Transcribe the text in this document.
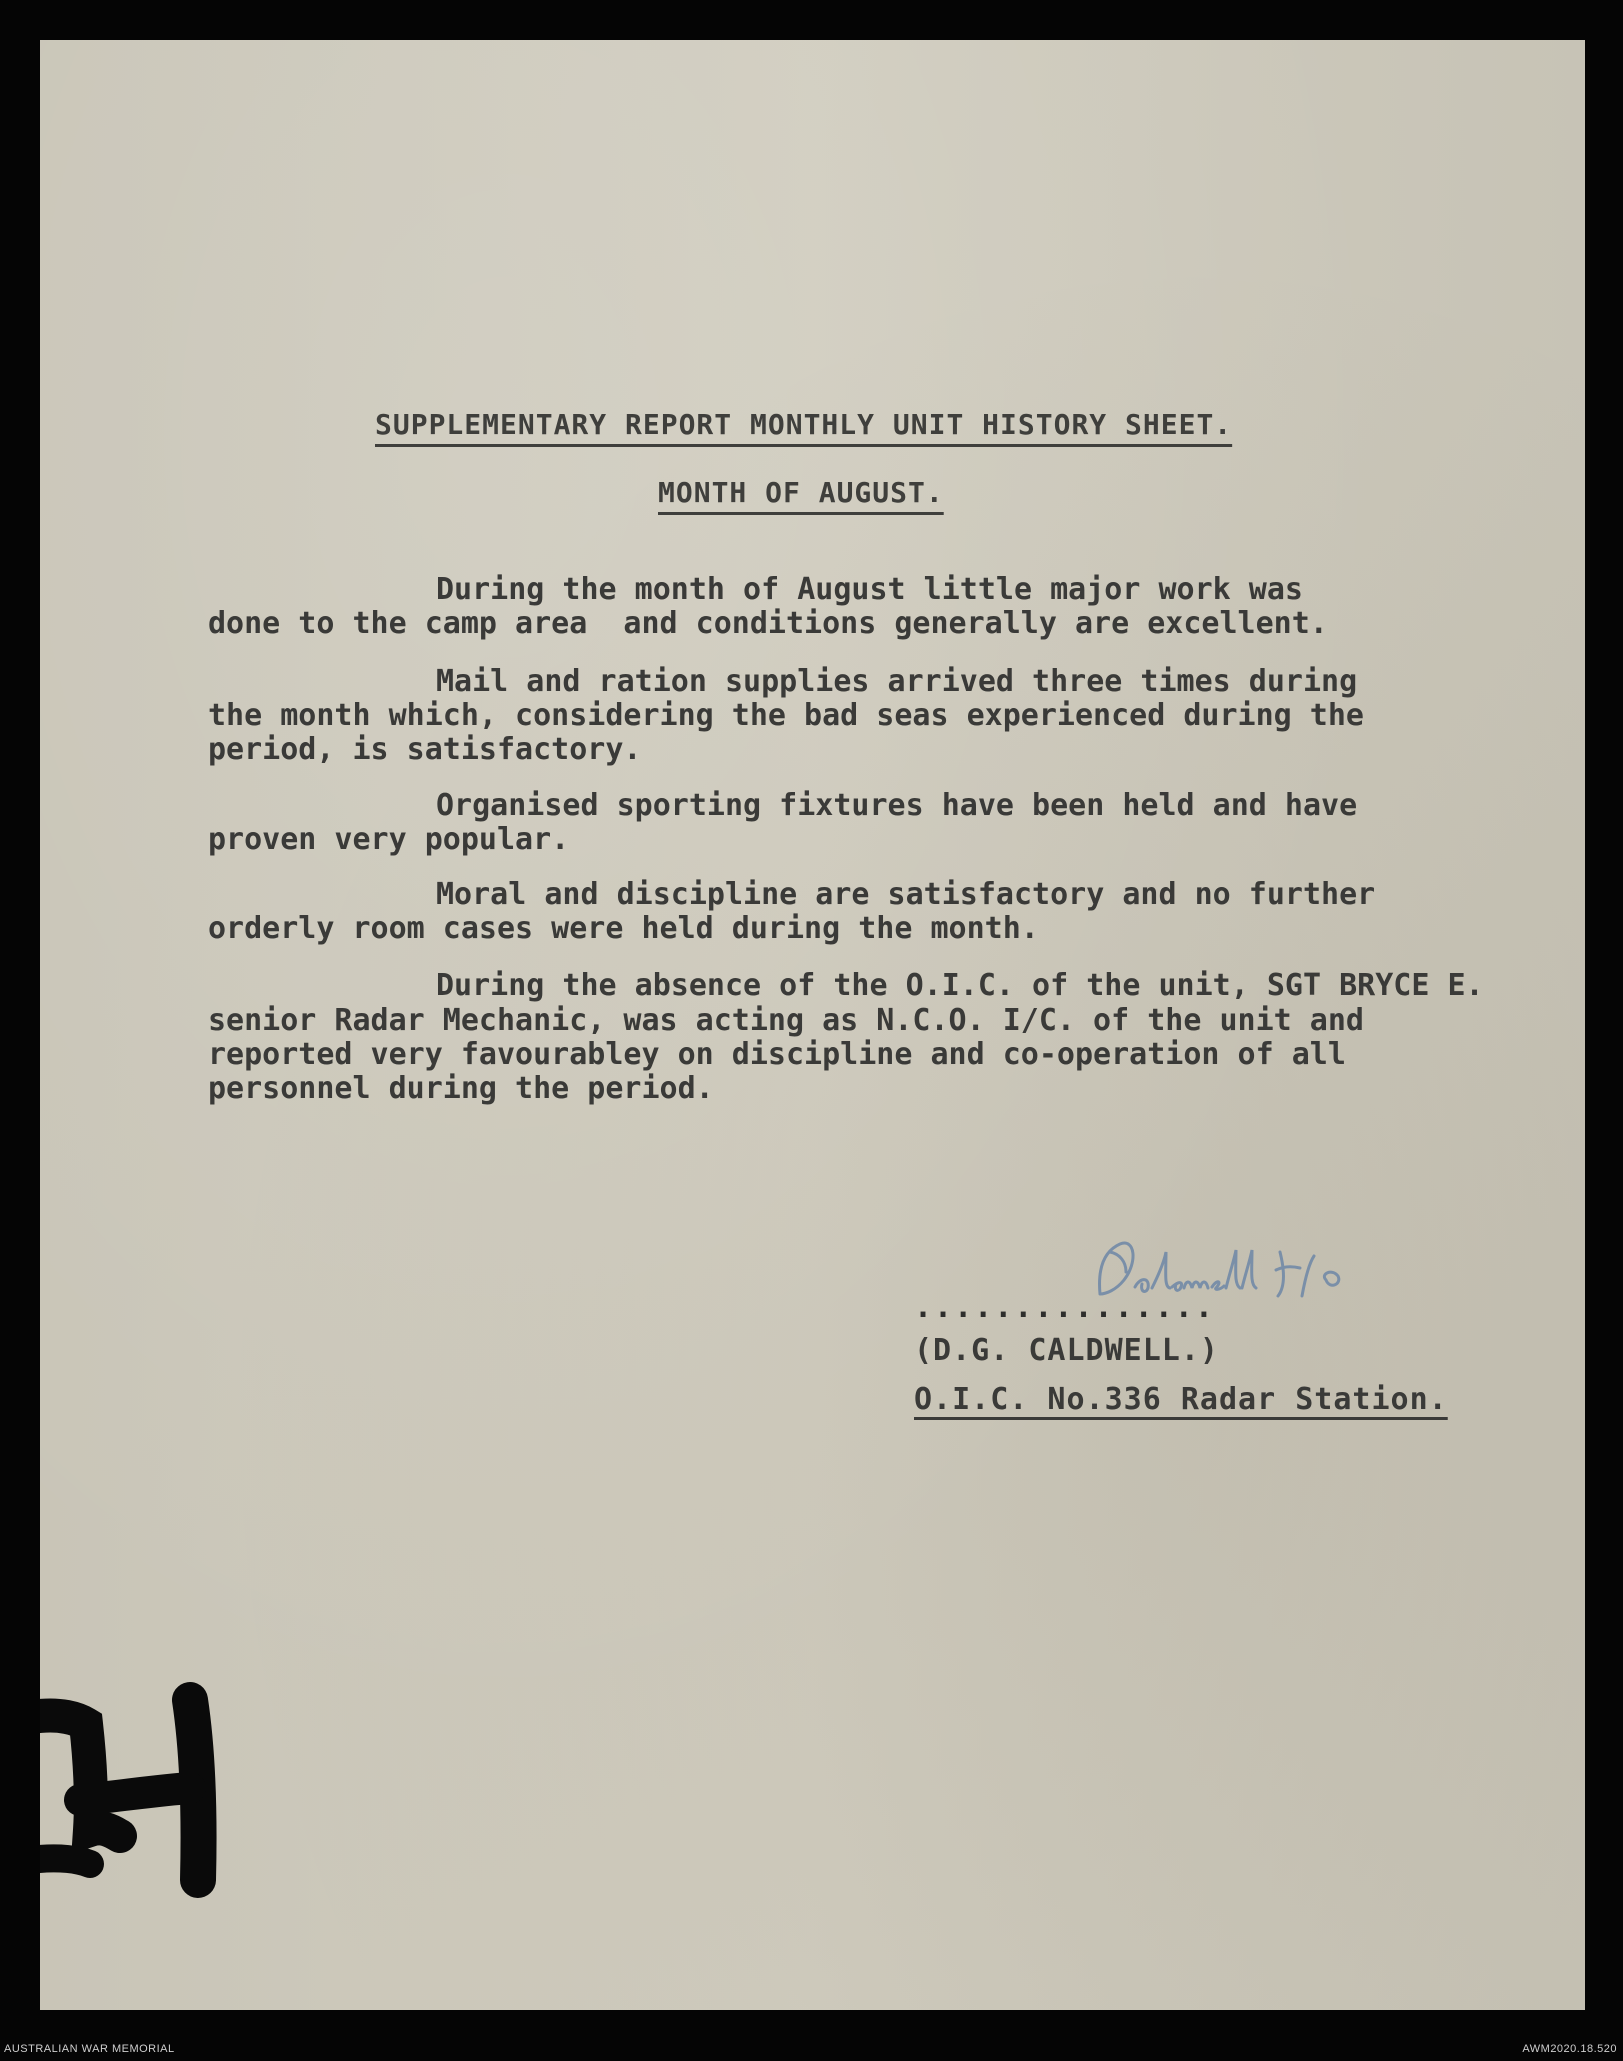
SUPPLEMENTARY REPORT MONTHLY UNIT HISTORY SHEET.
MONTH OF AUGUST.
During the month of August little major work was
done to the camp area  and conditions generally are excellent.
Mail and ration supplies arrived three times during
the month which, considering the bad seas experienced during the
period, is satisfactory.
Organised sporting fixtures have been held and have
proven very popular.
Moral and discipline are satisfactory and no further
orderly room cases were held during the month.
During the absence of the O.I.C. of the unit, SGT BRYCE E.
senior Radar Mechanic, was acting as N.C.O. I/C. of the unit and
reported very favourabley on discipline and co-operation of all
personnel during the period.
...............
(D.G. CALDWELL.)
O.I.C. No.336 Radar Station.
AUSTRALIAN WAR MEMORIAL	AWM2020.18.520
